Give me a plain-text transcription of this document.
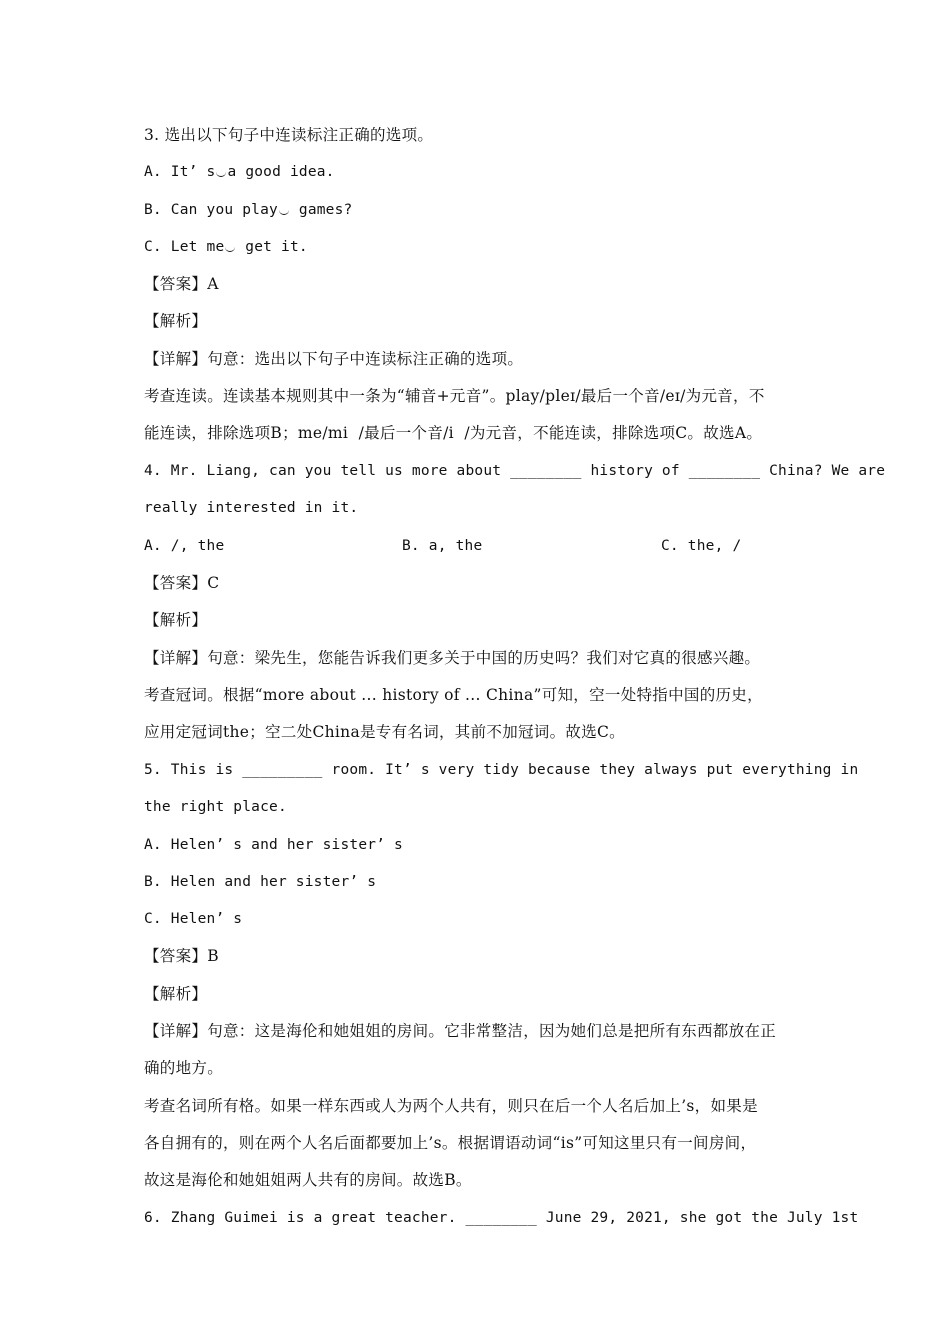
3. 选出以下句子中连读标注正确的选项。
A. It’ s a good idea.
B. Can you play games?
C. Let me get it.
【答案】A
【解析】
【详解】句意：选出以下句子中连读标注正确的选项。
考查连读。连读基本规则其中一条为“辅音+元音”。play/pleɪ/最后一个音/eɪ/为元音，不
能连读，排除选项B；me/mi  /最后一个音/i  /为元音，不能连读，排除选项C。故选A。
4. Mr. Liang, can you tell us more about ________ history of ________ China? We are
really interested in it.

A. /, the

	B. a, the

	C. the, /

【答案】C
【解析】
【详解】句意：梁先生，您能告诉我们更多关于中国的历史吗？我们对它真的很感兴趣。
考查冠词。根据“more about ... history of ... China”可知，空一处特指中国的历史，
应用定冠词the；空二处China是专有名词，其前不加冠词。故选C。
5. This is _________ room. It’ s very tidy because they always put everything in
the right place.
A. Helen’ s and her sister’ s
B. Helen and her sister’ s
C. Helen’ s
【答案】B
【解析】
【详解】句意：这是海伦和她姐姐的房间。它非常整洁，因为她们总是把所有东西都放在正
确的地方。
考查名词所有格。如果一样东西或人为两个人共有，则只在后一个人名后加上’s，如果是
各自拥有的，则在两个人名后面都要加上’s。根据谓语动词“is”可知这里只有一间房间，
故这是海伦和她姐姐两人共有的房间。故选B。
6. Zhang Guimei is a great teacher. ________ June 29, 2021, she got the July 1st
